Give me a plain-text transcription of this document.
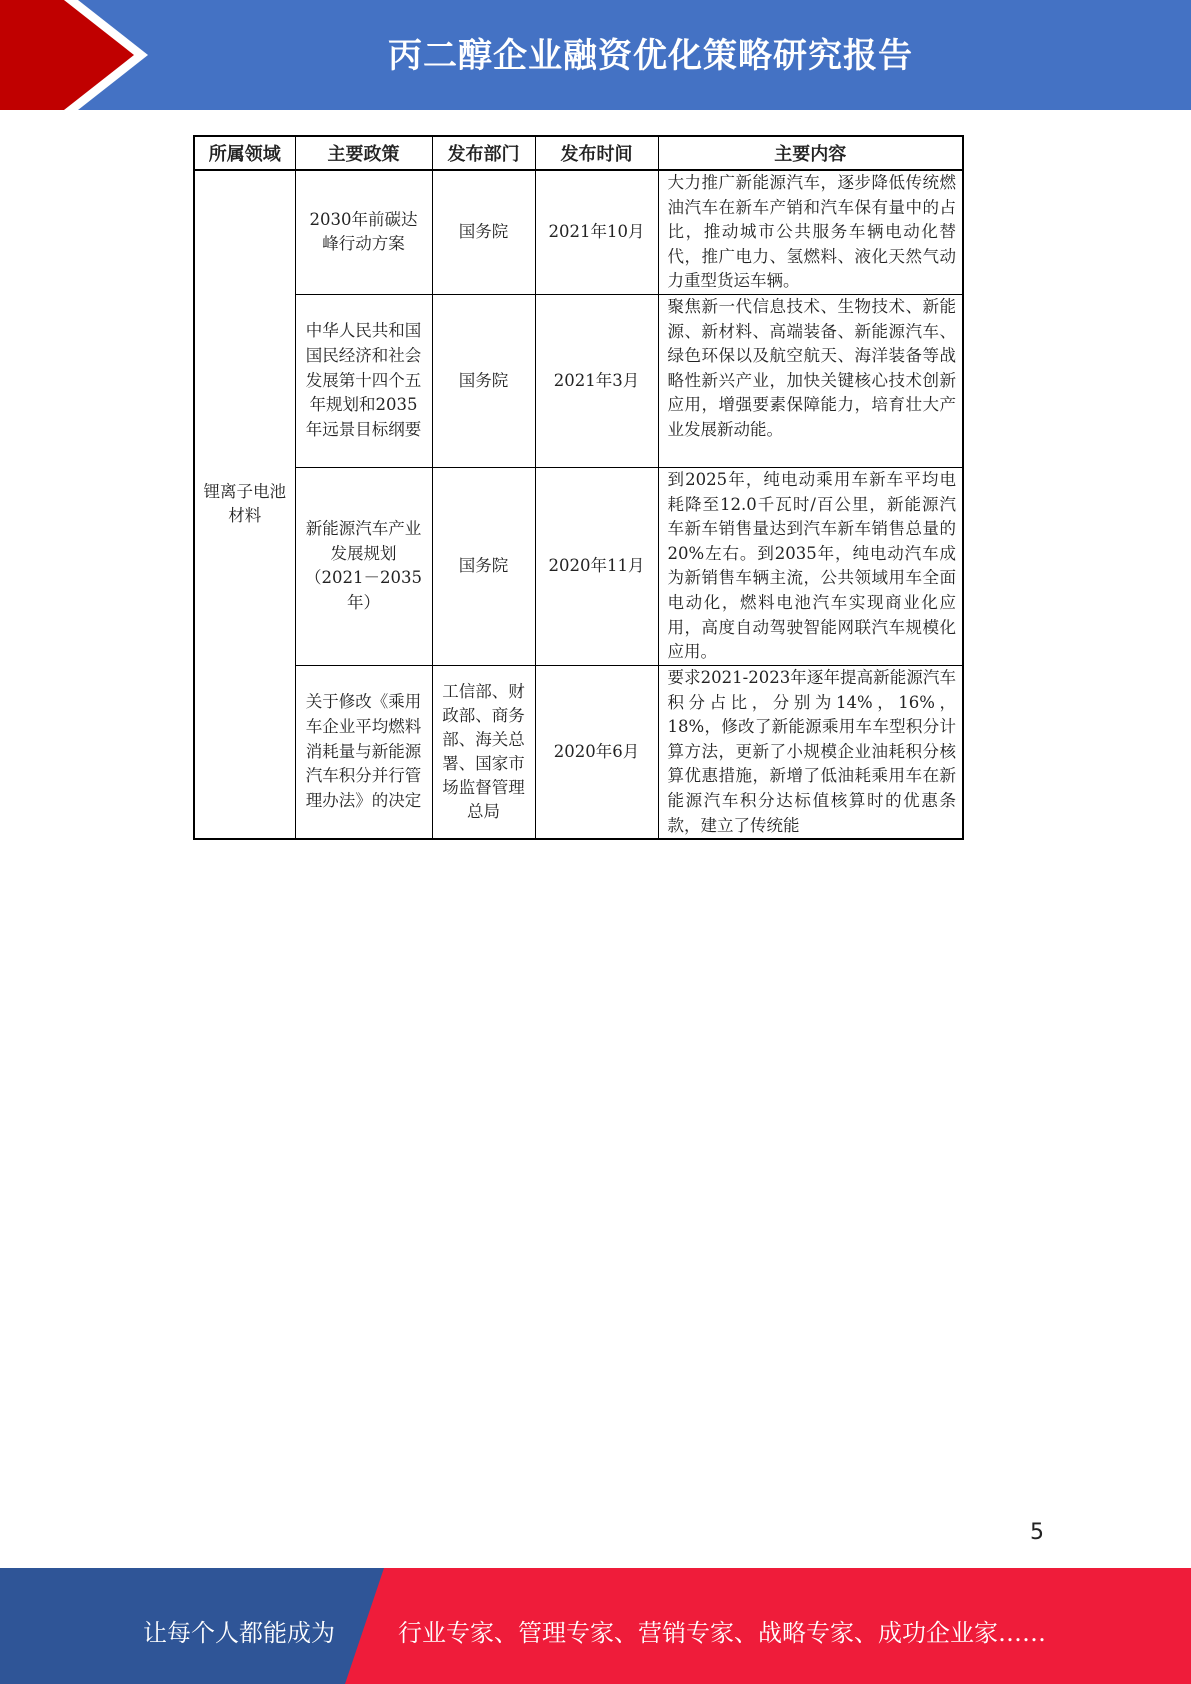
丙二醇企业融资优化策略研究报告
所属领域	主要政策	发布部门	发布时间	主要内容
锂离子电池材料	2030年前碳达峰行动方案	国务院	2021年10月	大力推广新能源汽车，逐步降低传统燃油汽车在新车产销和汽车保有量中的占比，推动城市公共服务车辆电动化替代，推广电力、氢燃料、液化天然气动力重型货运车辆。
	中华人民共和国国民经济和社会发展第十四个五年规划和2035年远景目标纲要	国务院	2021年3月	聚焦新一代信息技术、生物技术、新能源、新材料、高端装备、新能源汽车、绿色环保以及航空航天、海洋装备等战略性新兴产业，加快关键核心技术创新应用，增强要素保障能力，培育壮大产业发展新动能。
	新能源汽车产业发展规划（2021－2035年）	国务院	2020年11月	到2025年，纯电动乘用车新车平均电耗降至12.0千瓦时/百公里，新能源汽车新车销售量达到汽车新车销售总量的20%左右。到2035年，纯电动汽车成为新销售车辆主流，公共领域用车全面电动化，燃料电池汽车实现商业化应用，高度自动驾驶智能网联汽车规模化应用。
	关于修改《乘用车企业平均燃料消耗量与新能源汽车积分并行管理办法》的决定	工信部、财政部、商务部、海关总署、国家市场监督管理总局	2020年6月	要求2021-2023年逐年提高新能源汽车积分占比，分别为14%，16%，18%，修改了新能源乘用车车型积分计算方法，更新了小规模企业油耗积分核算优惠措施，新增了低油耗乘用车在新能源汽车积分达标值核算时的优惠条款，建立了传统能
5
让每个人都能成为	行业专家、管理专家、营销专家、战略专家、成功企业家……
